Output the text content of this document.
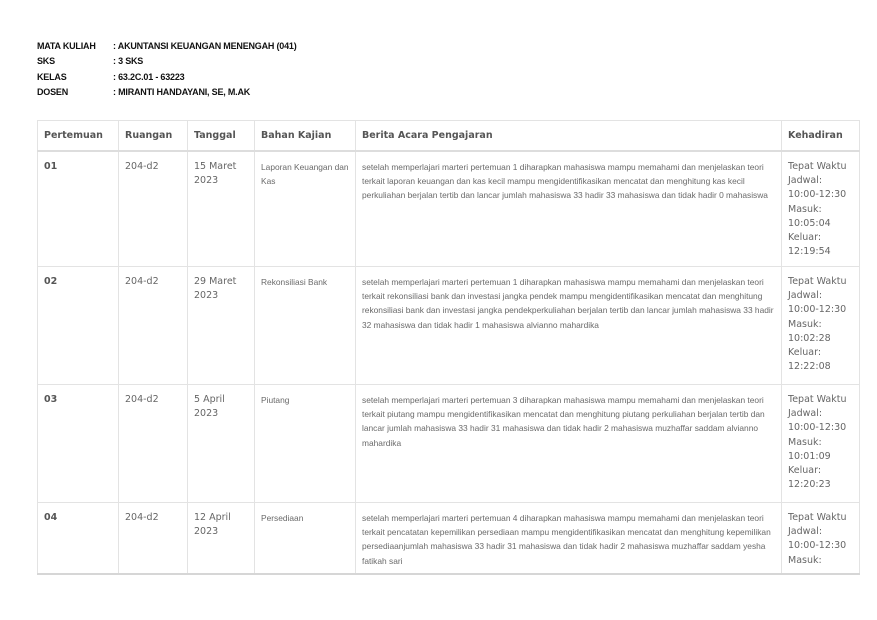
MATA KULIAH	: AKUNTANSI KEUANGAN MENENGAH (041)
SKS	: 3 SKS
KELAS	: 63.2C.01 - 63223
DOSEN	: MIRANTI HANDAYANI, SE, M.AK
Pertemuan	Ruangan	Tanggal	Bahan Kajian	Berita Acara Pengajaran	Kehadiran
01	204-d2	15 Maret 2023	Laporan Keuangan dan Kas	setelah memperlajari marteri pertemuan 1 diharapkan mahasiswa mampu memahami dan menjelaskan teori terkait laporan keuangan dan kas kecil mampu mengidentifikasikan mencatat dan menghitung kas kecil perkuliahan berjalan tertib dan lancar jumlah mahasiswa 33 hadir 33 mahasiswa dan tidak hadir 0 mahasiswa	Tepat Waktu Jadwal: 10:00-12:30 Masuk: 10:05:04 Keluar: 12:19:54
02	204-d2	29 Maret 2023	Rekonsiliasi Bank	setelah memperlajari marteri pertemuan 1 diharapkan mahasiswa mampu memahami dan menjelaskan teori terkait rekonsiliasi bank dan investasi jangka pendek mampu mengidentifikasikan mencatat dan menghitung rekonsiliasi bank dan investasi jangka pendekperkuliahan berjalan tertib dan lancar jumlah mahasiswa 33 hadir 32 mahasiswa dan tidak hadir 1 mahasiswa alvianno mahardika	Tepat Waktu Jadwal: 10:00-12:30 Masuk: 10:02:28 Keluar: 12:22:08
03	204-d2	5 April 2023	Piutang	setelah memperlajari marteri pertemuan 3 diharapkan mahasiswa mampu memahami dan menjelaskan teori terkait piutang mampu mengidentifikasikan mencatat dan menghitung piutang perkuliahan berjalan tertib dan lancar jumlah mahasiswa 33 hadir 31 mahasiswa dan tidak hadir 2 mahasiswa muzhaffar saddam alvianno mahardika	Tepat Waktu Jadwal: 10:00-12:30 Masuk: 10:01:09 Keluar: 12:20:23
04	204-d2	12 April 2023	Persediaan	setelah memperlajari marteri pertemuan 4 diharapkan mahasiswa mampu memahami dan menjelaskan teori terkait pencatatan kepemilikan persediaan mampu mengidentifikasikan mencatat dan menghitung kepemilikan persediaanjumlah mahasiswa 33 hadir 31 mahasiswa dan tidak hadir 2 mahasiswa muzhaffar saddam yesha fatikah sari	Tepat Waktu Jadwal: 10:00-12:30 Masuk:
